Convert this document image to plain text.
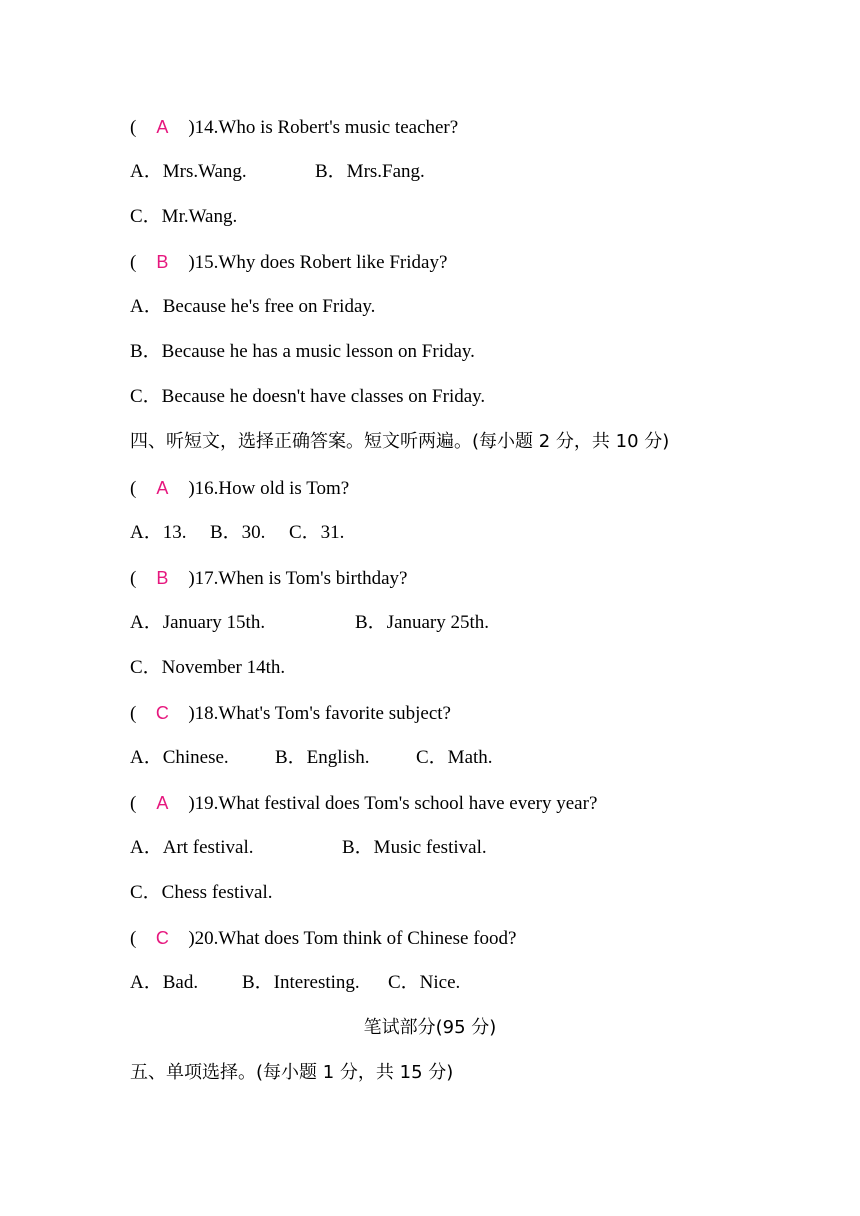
( A )14.Who is Robert's music teacher?
A．Mrs.Wang.	B．Mrs.Fang.
C．Mr.Wang.
( B )15.Why does Robert like Friday?
A．Because he's free on Friday.
B．Because he has a music lesson on Friday.
C．Because he doesn't have classes on Friday.
四、听短文，选择正确答案。短文听两遍。(每小题 2 分，共 10 分)
( A )16.How old is Tom?
A．13. B．30. C．31.
( B )17.When is Tom's birthday?
A．January 15th.	B．January 25th.
C．November 14th.
( C )18.What's Tom's favorite subject?
A．Chinese. B．English. C．Math.
( A )19.What festival does Tom's school have every year?
A．Art festival.	B．Music festival.
C．Chess festival.
( C )20.What does Tom think of Chinese food?
A．Bad. B．Interesting. C．Nice.
笔试部分(95 分)
五、单项选择。(每小题 1 分，共 15 分)
